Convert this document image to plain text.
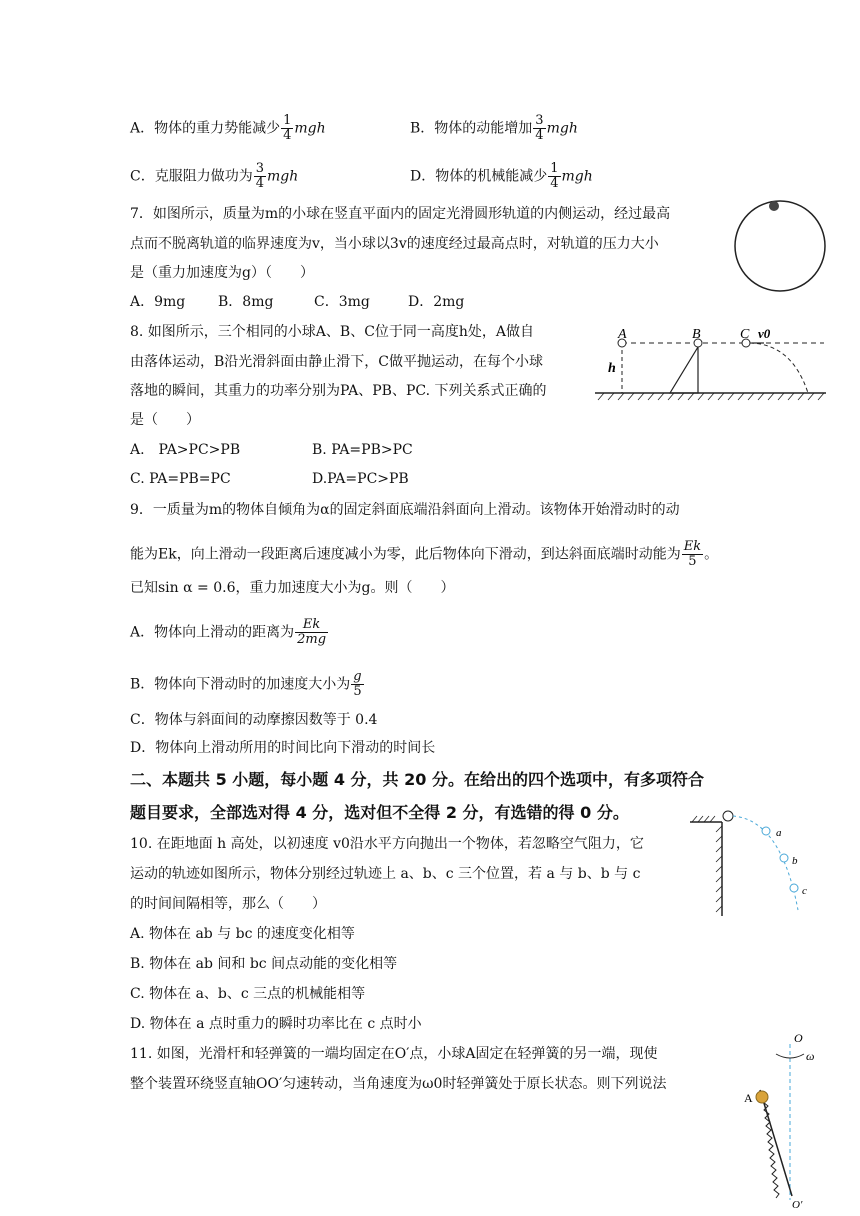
A．物体的重力势能减少 $\frac{1}{4}$ mgh	B．物体的动能增加 $\frac{3}{4}$ mgh
C．克服阻力做功为 $\frac{3}{4}$ mgh	D．物体的机械能减少 $\frac{1}{4}$ mgh
7．如图所示，质量为m的小球在竖直平面内的固定光滑圆形轨道的内侧运动，经过最高
点而不脱离轨道的临界速度为v，当小球以3v的速度经过最高点时，对轨道的压力大小
是（重力加速度为g）（　　）
A．9mg B．8mg	C．3mg	D．2mg
8. 如图所示，三个相同的小球A、B、C位于同一高度h处，A做自
由落体运动，B沿光滑斜面由静止滑下，C做平抛运动，在每个小球
落地的瞬间，其重力的功率分别为PA、PB、PC. 下列关系式正确的
是（　　）
A.　PA>PC>PB	B. PA=PB>PC
C. PA=PB=PC	D.PA=PC>PB
A	B	C v0
h
9．一质量为m的物体自倾角为α的固定斜面底端沿斜面向上滑动。该物体开始滑动时的动
能为Ek，向上滑动一段距离后速度减小为零，此后物体向下滑动，到达斜面底端时动能为 $\frac{Ek}{5}$ 。
已知sin α = 0.6，重力加速度大小为g。则（　　）
A．物体向上滑动的距离为 $\frac{Ek}{2mg}$
B．物体向下滑动时的加速度大小为 $\frac{g}{5}$
C．物体与斜面间的动摩擦因数等于 0.4
D．物体向上滑动所用的时间比向下滑动的时间长
二、本题共 5 小题，每小题 4 分，共 20 分。在给出的四个选项中，有多项符合
题目要求，全部选对得 4 分，选对但不全得 2 分，有选错的得 0 分。
10. 在距地面 h 高处，以初速度 v0沿水平方向抛出一个物体，若忽略空气阻力，它
运动的轨迹如图所示，物体分别经过轨迹上 a、b、c 三个位置，若 a 与 b、b 与 c
的时间间隔相等，那么（　　）
A. 物体在 ab 与 bc 的速度变化相等
B. 物体在 ab 间和 bc 间点动能的变化相等
C. 物体在 a、b、c 三点的机械能相等
D. 物体在 a 点时重力的瞬时功率比在 c 点时小
a
b
c
11. 如图，光滑杆和轻弹簧的一端均固定在O′点，小球A固定在轻弹簧的另一端，现使
整个装置环绕竖直轴OO′匀速转动，当角速度为ω0时轻弹簧处于原长状态。则下列说法
O
ω
A
O′
